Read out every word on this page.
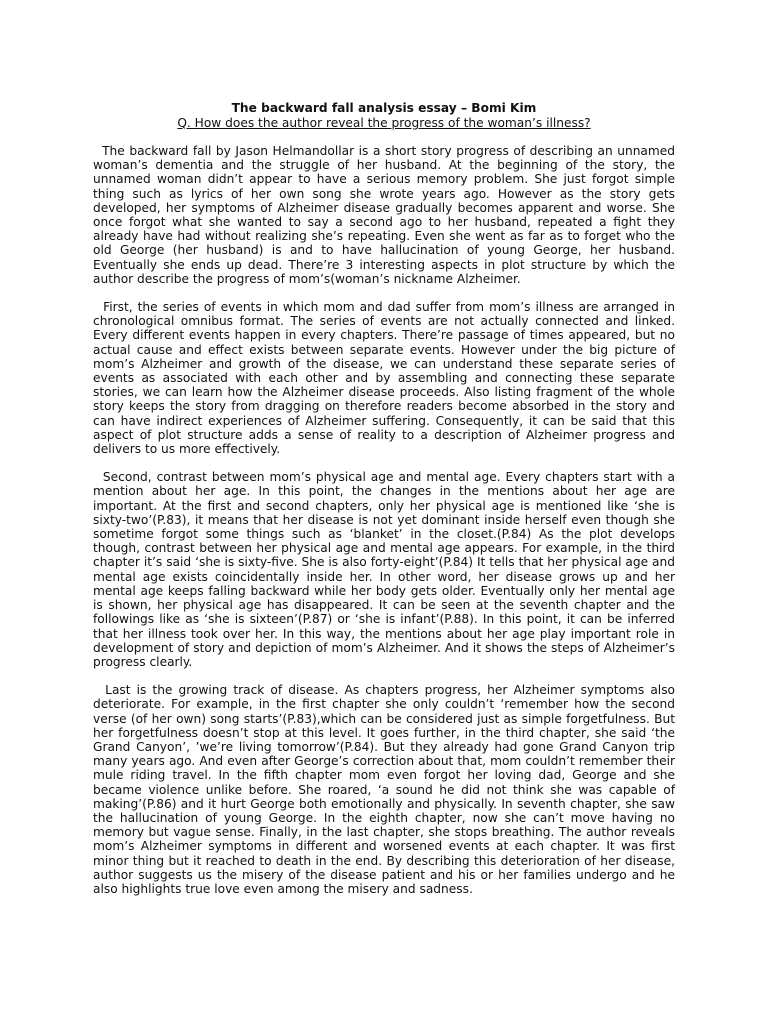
The backward fall analysis essay – Bomi Kim

Q. How does the author reveal the progress of the woman’s illness?

The backward fall by Jason Helmandollar is a short story progress of describing an unnamed woman’s dementia and the struggle of her husband. At the beginning of the story, the unnamed woman didn’t appear to have a serious memory problem. She just forgot simple thing such as lyrics of her own song she wrote years ago. However as the story gets developed, her symptoms of Alzheimer disease gradually becomes apparent and worse. She once forgot what she wanted to say a second ago to her husband, repeated a fight they already have had without realizing she’s repeating. Even she went as far as to forget who the old George (her husband) is and to have hallucination of young George, her husband. Eventually she ends up dead. There’re 3 interesting aspects in plot structure by which the author describe the progress of mom’s(woman’s nickname Alzheimer.

First, the series of events in which mom and dad suffer from mom’s illness are arranged in chronological omnibus format. The series of events are not actually connected and linked. Every different events happen in every chapters. There’re passage of times appeared, but no actual cause and effect exists between separate events. However under the big picture of mom’s Alzheimer and growth of the disease, we can understand these separate series of events as associated with each other and by assembling and connecting these separate stories, we can learn how the Alzheimer disease proceeds. Also listing fragment of the whole story keeps the story from dragging on therefore readers become absorbed in the story and can have indirect experiences of Alzheimer suffering. Consequently, it can be said that this aspect of plot structure adds a sense of reality to a description of Alzheimer progress and delivers to us more effectively.

Second, contrast between mom’s physical age and mental age. Every chapters start with a mention about her age. In this point, the changes in the mentions about her age are important. At the first and second chapters, only her physical age is mentioned like ‘she is sixty-two’(P.83), it means that her disease is not yet dominant inside herself even though she sometime forgot some things such as ‘blanket’ in the closet.(P.84) As the plot develops though, contrast between her physical age and mental age appears. For example, in the third chapter it’s said ‘she is sixty-five. She is also forty-eight’(P.84) It tells that her physical age and mental age exists coincidentally inside her. In other word, her disease grows up and her mental age keeps falling backward while her body gets older. Eventually only her mental age is shown, her physical age has disappeared. It can be seen at the seventh chapter and the followings like as ‘she is sixteen’(P.87) or ‘she is infant’(P.88). In this point, it can be inferred that her illness took over her. In this way, the mentions about her age play important role in development of story and depiction of mom’s Alzheimer. And it shows the steps of Alzheimer’s progress clearly.

Last is the growing track of disease. As chapters progress, her Alzheimer symptoms also deteriorate. For example, in the first chapter she only couldn’t ‘remember how the second verse (of her own) song starts’(P.83),which can be considered just as simple forgetfulness. But her forgetfulness doesn’t stop at this level. It goes further, in the third chapter, she said ‘the Grand Canyon’, ’we’re living tomorrow’(P.84). But they already had gone Grand Canyon trip many years ago. And even after George’s correction about that, mom couldn’t remember their mule riding travel. In the fifth chapter mom even forgot her loving dad, George and she became violence unlike before. She roared, ‘a sound he did not think she was capable of making’(P.86) and it hurt George both emotionally and physically. In seventh chapter, she saw the hallucination of young George. In the eighth chapter, now she can’t move having no memory but vague sense. Finally, in the last chapter, she stops breathing. The author reveals mom’s Alzheimer symptoms in different and worsened events at each chapter. It was first minor thing but it reached to death in the end. By describing this deterioration of her disease, author suggests us the misery of the disease patient and his or her families undergo and he also highlights true love even among the misery and sadness.
